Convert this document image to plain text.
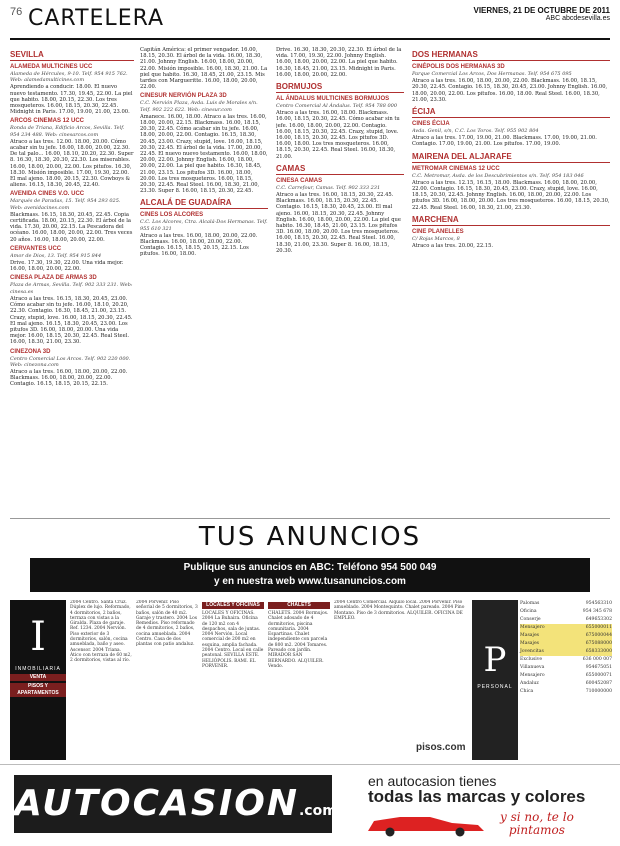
76 CARTELERA	VIERNES, 21 DE OCTUBRE DE 2011
ABC abcdesevilla.es
SEVILLA
ALAMEDA MULTICINES UCC
Alameda de Hércules, 9-10. Telf. 954 915 762. Web: alamedamulticines.com
Aprendiendo a conducir. 18.00. El nuevo nuevo testamento. 17.30, 19.45, 22.00. La piel que habito. 18.00, 20.15, 22.30. Los tres mosqueteros. 16.00, 18.15, 20.30, 22.45. Midnight in Paris. 17.00, 19.00, 21.00, 23.00.
ARCOS CINEMAS 12 UCC
Ronda de Triana, Edificio Arcos, Sevilla. Telf. 954 234 488. Web: cinesarcos.com
Atraco a las tres. 12.00. 18.00, 20.00. Cómo acabar sin tu jefe. 16.00, 18.00, 20.00, 22.30. De tal palo... 16.00, 18.10, 20.20, 22.30. Super 8. 16.30, 18.30, 20.30, 22.30. Los miserables. 16.00, 18.00, 20.00, 22.00. Los pitufos. 16.30, 18.30. Misión imposible. 17.00, 19.30, 22.00. El mal ajeno. 18.00, 20.15, 22.30. Cowboys & aliens. 16.15, 18.30, 20.45, 22.40.
AVENIDA CINES V.O. UCC
Marqués de Paradas, 15. Telf. 954 293 025. Web: avenidacines.com
Blackmass. 16.15, 18.30, 20.45, 22.45. Copia certificada. 18.00, 20.15, 22.30. El árbol de la vida. 17.30, 20.00, 22.15. La Pescadora del océano. 16.00, 18.00, 20.00, 22.00. Tres veces 20 años. 16.00, 18.00, 20.00, 22.00.
CERVANTES UCC
Amor de Dios, 13. Telf. 954 915 844
Drive. 17.30, 19.30, 22.00. Una vida mejor. 16.00, 18.00, 20.00, 22.00.
CINESA PLAZA DE ARMAS 3D
Plaza de Armas, Sevilla. Telf. 902 333 231. Web: cinesa.es
Atraco a las tres. 16.15, 18.30, 20.45, 23.00. Cómo acabar sin tu jefe. 16.00, 18.10, 20.20, 22.30. Contagio. 16.30, 18.45, 21.00, 23.15. Crazy, stupid, love. 16.00, 18.15, 20.30, 22.45. El mal ajeno. 16.15, 18.30, 20.45, 23.00. Los pitufos 3D. 16.00, 18.00, 20.00. Una vida mejor. 16.00, 18.15, 20.30, 22.45. Real Steel. 16.00, 18.30, 21.00, 23.30.
CINEZONA 3D
Centro Comercial Los Arcos. Telf. 902 220 000. Web: cinezona.com
Atraco a las tres. 16.00, 18.00, 20.00, 22.00. Blackmass. 16.00, 18.00, 20.00, 22.00. Contagio. 16.15, 18.15, 20.15, 22.15.
Capitán América: el primer vengador. 16.00, 18.15, 20.30. El árbol de la vida. 16.00, 18.30, 21.00. Johnny English. 16.00, 18.00, 20.00, 22.00. Misión imposible. 16.00, 18.30, 21.00. La piel que habito. 16.30, 18.45, 21.00, 23.15. Mis tardes con Margueritte. 16.00, 18.00, 20.00, 22.00.
CINESUR NERVIÓN PLAZA 3D
C.C. Nervión Plaza, Avda. Luis de Morales s/n. Telf. 902 222 622. Web: cinesur.com
Amanece. 16.00, 18.00. Atraco a las tres. 16.00, 18.00, 20.00, 22.15. Blackmass. 16.00, 18.15, 20.30, 22.45. Cómo acabar sin tu jefe. 16.00, 18.00, 20.00, 22.00. Contagio. 16.15, 18.30, 20.45, 23.00. Crazy, stupid, love. 16.00, 18.15, 20.30, 22.45. El árbol de la vida. 17.00, 20.00, 22.45. El nuevo nuevo testamento. 16.00, 18.00, 20.00, 22.00. Johnny English. 16.00, 18.00, 20.00, 22.00. La piel que habito. 16.30, 18.45, 21.00, 23.15. Los pitufos 3D. 16.00, 18.00, 20.00. Los tres mosqueteros. 16.00, 18.15, 20.30, 22.45. Real Steel. 16.00, 18.30, 21.00, 23.30. Super 8. 16.00, 18.15, 20.30, 22.45.
ALCALÁ DE GUADAÍRA
CINES LOS ALCORES
C.C. Los Alcores, Ctra. Alcalá-Dos Hermanas. Telf. 955 610 321
Atraco a las tres. 16.00, 18.00, 20.00, 22.00. Blackmass. 16.00, 18.00, 20.00, 22.00. Contagio. 16.15, 18.15, 20.15, 22.15. Los pitufos. 16.00, 18.00.
Drive. 16.30, 18.30, 20.30, 22.30. El árbol de la vida. 17.00, 19.30, 22.00. Johnny English. 16.00, 18.00, 20.00, 22.00. La piel que habito. 16.30, 18.45, 21.00, 23.15. Midnight in Paris. 16.00, 18.00, 20.00, 22.00.
BORMUJOS
AL ÁNDALUS MULTICINES BORMUJOS
Centro Comercial Al Ándalus. Telf. 954 788 000
Atraco a las tres. 16.00, 18.00. Blackmass. 16.00, 18.15, 20.30, 22.45. Cómo acabar sin tu jefe. 16.00, 18.00, 20.00, 22.00. Contagio. 16.00, 18.15, 20.30, 22.45. Crazy, stupid, love. 16.00, 18.15, 20.30, 22.45. Los pitufos 3D. 16.00, 18.00. Los tres mosqueteros. 16.00, 18.15, 20.30, 22.45. Real Steel. 16.00, 18.30, 21.00.
CAMAS
CINESA CAMAS
C.C. Carrefour, Camas. Telf. 902 333 231
Atraco a las tres. 16.00, 18.15, 20.30, 22.45. Blackmass. 16.00, 18.15, 20.30, 22.45. Contagio. 16.15, 18.30, 20.45, 23.00. El mal ajeno. 16.00, 18.15, 20.30, 22.45. Johnny English. 16.00, 18.00, 20.00, 22.00. La piel que habito. 16.30, 18.45, 21.00, 23.15. Los pitufos 3D. 16.00, 18.00, 20.00. Los tres mosqueteros. 16.00, 18.15, 20.30, 22.45. Real Steel. 16.00, 18.30, 21.00, 23.30. Super 8. 16.00, 18.15, 20.30.
DOS HERMANAS
CINÉPOLIS DOS HERMANAS 3D
Parque Comercial Los Arcos, Dos Hermanas. Telf. 954 675 095
Atraco a las tres. 16.00, 18.00, 20.00, 22.00. Blackmass. 16.00, 18.15, 20.30, 22.45. Contagio. 16.15, 18.30, 20.45, 23.00. Johnny English. 16.00, 18.00, 20.00, 22.00. Los pitufos. 16.00, 18.00. Real Steel. 16.00, 18.30, 21.00, 23.30.
ÉCIJA
CINES ÉCIJA
Avda. Genil, s/n, C.C. Los Toros. Telf. 955 902 804
Atraco a las tres. 17.00, 19.00, 21.00. Blackmass. 17.00, 19.00, 21.00. Contagio. 17.00, 19.00, 21.00. Los pitufos. 17.00, 19.00.
MAIRENA DEL ALJARAFE
METROMAR CINEMAS 12 UCC
C.C. Metromar, Avda. de los Descubrimientos s/n. Telf. 954 183 046
Atraco a las tres. 12.15, 16.15, 18.00. Blackmass. 16.00, 18.00, 20.00, 22.00. Contagio. 16.15, 18.30, 20.45, 23.00. Crazy, stupid, love. 16.00, 18.15, 20.30, 22.45. Johnny English. 16.00, 18.00, 20.00, 22.00. Los pitufos 3D. 16.00, 18.00, 20.00. Los tres mosqueteros. 16.00, 18.15, 20.30, 22.45. Real Steel. 16.00, 18.30, 21.00, 23.30.
MARCHENA
CINE PLANELLES
C/ Rojas Marcos, 8
Atraco a las tres. 20.00, 22.15.
TUS ANUNCIOS
Publique sus anuncios en ABC: Teléfono 954 500 049
y en nuestra web www.tusanuncios.com
I
INMOBILIARIA
VENTA
PISOS Y APARTAMENTOS
2004 Centro. Santa Cruz. Dúplex de lujo. Reformado, 4 dormitorios, 2 baños, terraza con vistas a la Giralda. Plaza de garaje. Ref. 1234. 2004 Nervión. Piso exterior de 3 dormitorios, salón, cocina amueblada, baño y aseo. Ascensor. 2004 Triana. Ático con terraza de 60 m2, 2 dormitorios, vistas al río.
2004 Porvenir. Piso señorial de 5 dormitorios, 3 baños, salón de 40 m2. Garaje y trastero. 2004 Los Remedios. Piso reformado de 4 dormitorios, 2 baños, cocina amueblada. 2004 Centro. Casa de dos plantas con patio andaluz.
LOCALES Y OFICINAS
LOCALES Y OFICINAS. 2004 La Buhaira. Oficina de 120 m2 con 4 despachos, sala de juntas. 2004 Nervión. Local comercial de 200 m2 en esquina, amplia fachada. 2004 Centro. Local en calle peatonal. SEVILLA ESTE. HELIÓPOLIS. BAMI. EL PORVENIR.
CHALETS
CHALETS. 2004 Bormujos. Chalet adosado de 4 dormitorios, piscina comunitaria. 2004 Espartinas. Chalet independiente con parcela de 800 m2. 2004 Tomares. Pareado con jardín. MIRADOR SAN BERNARDO. ALQUILER. Vendo.
2004 Centro Comercial. Alquilo local. 2004 Porvenir. Piso amueblado. 2004 Montequinto. Chalet pareado. 2004 Pino Montano. Piso de 3 dormitorios. ALQUILER. OFICINA DE EMPLEO.
P
PERSONAL
Palomas	954563310
Oficina	954 345 678
Conserje	649653302
Mensajero	655000011
Masajes	675000044
Masajes	675088000
Jovencitas	658333000
Exclusive	636 000 007
Villanueva	954675051
Mensajero	655000071
Andaluz	600452087
Chica	710000000
pisos.com
AUTOCASION.com
en autocasion tienes
todas las marcas y colores
y si no, te lo
pintamos
